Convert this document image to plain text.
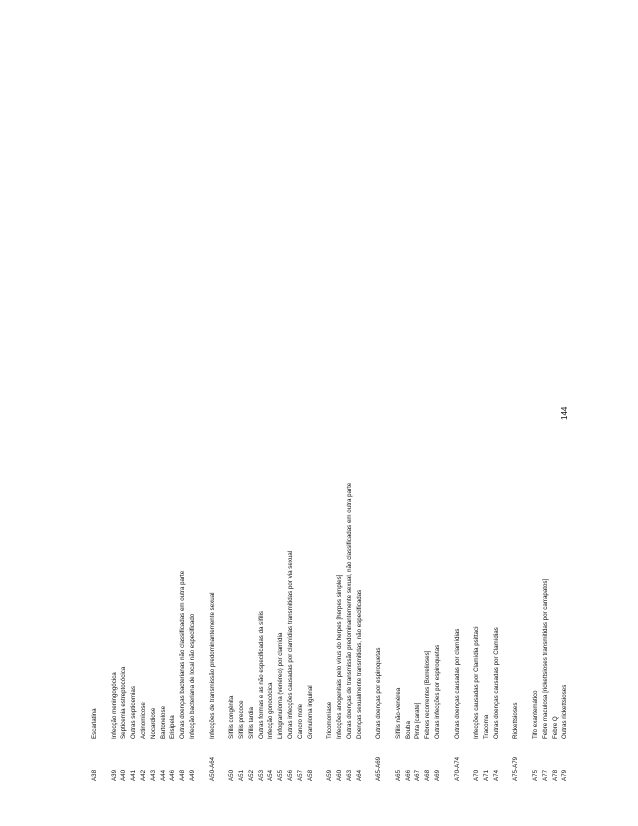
A38
Escarlatina
A39
Infecção meningogócica
A40
Septicemia estreptocócica
A41
Outras septicemias
A42
Actinomicose
A43
Nocardiose
A44
Bartonelose
A46
Erisipela
A48
Outras doenças bacterianas não classificadas em outra parte
A49
Infecção bacteriana de local não especificado
A50-A64
Infecções de transmissão predominantemente sexual
A50
Sífilis congênita
A51
Sífilis precoce
A52
Sífilis tardia
A53
Outras formas e as não especificadas da sífilis
A54
Infecção gonocócica
A55
Linfogranuloma (venéreo) por clamídia
A56
Outras infecções causadas por clamídias transmitidas por via sexual
A57
Cancro mole
A58
Granuloma inguinal
A59
Tricomoníase
A60
Infecções anogenitais pelo vírus do herpes [herpes simples]
A63
Outras doenças de transmissão predominantemente sexual, não classificadas em outra parte
A64
Doenças sexualmente transmitidas, não especificadas
A65-A69
Outras doenças por espiroquetas
A65
Sífilis não-venérea
A66
Bouba
A67
Pinta [carate]
A68
Febres recorrentes [Borrelioses]
A69
Outras infecções por espiroquetas
A70-A74
Outras doenças causadas por clamídias
A70
Infecções causadas por Clamídia psittaci
A71
Tracoma
A74
Outras doenças causadas por Clamídias
A75-A79
Rickettsioses
A75
Tifo exantemático
A77
Febre maculosa [rickettsioses transmitidas por carrapatos]
A78
Febre Q
A79
Outras rickettsioses
144
